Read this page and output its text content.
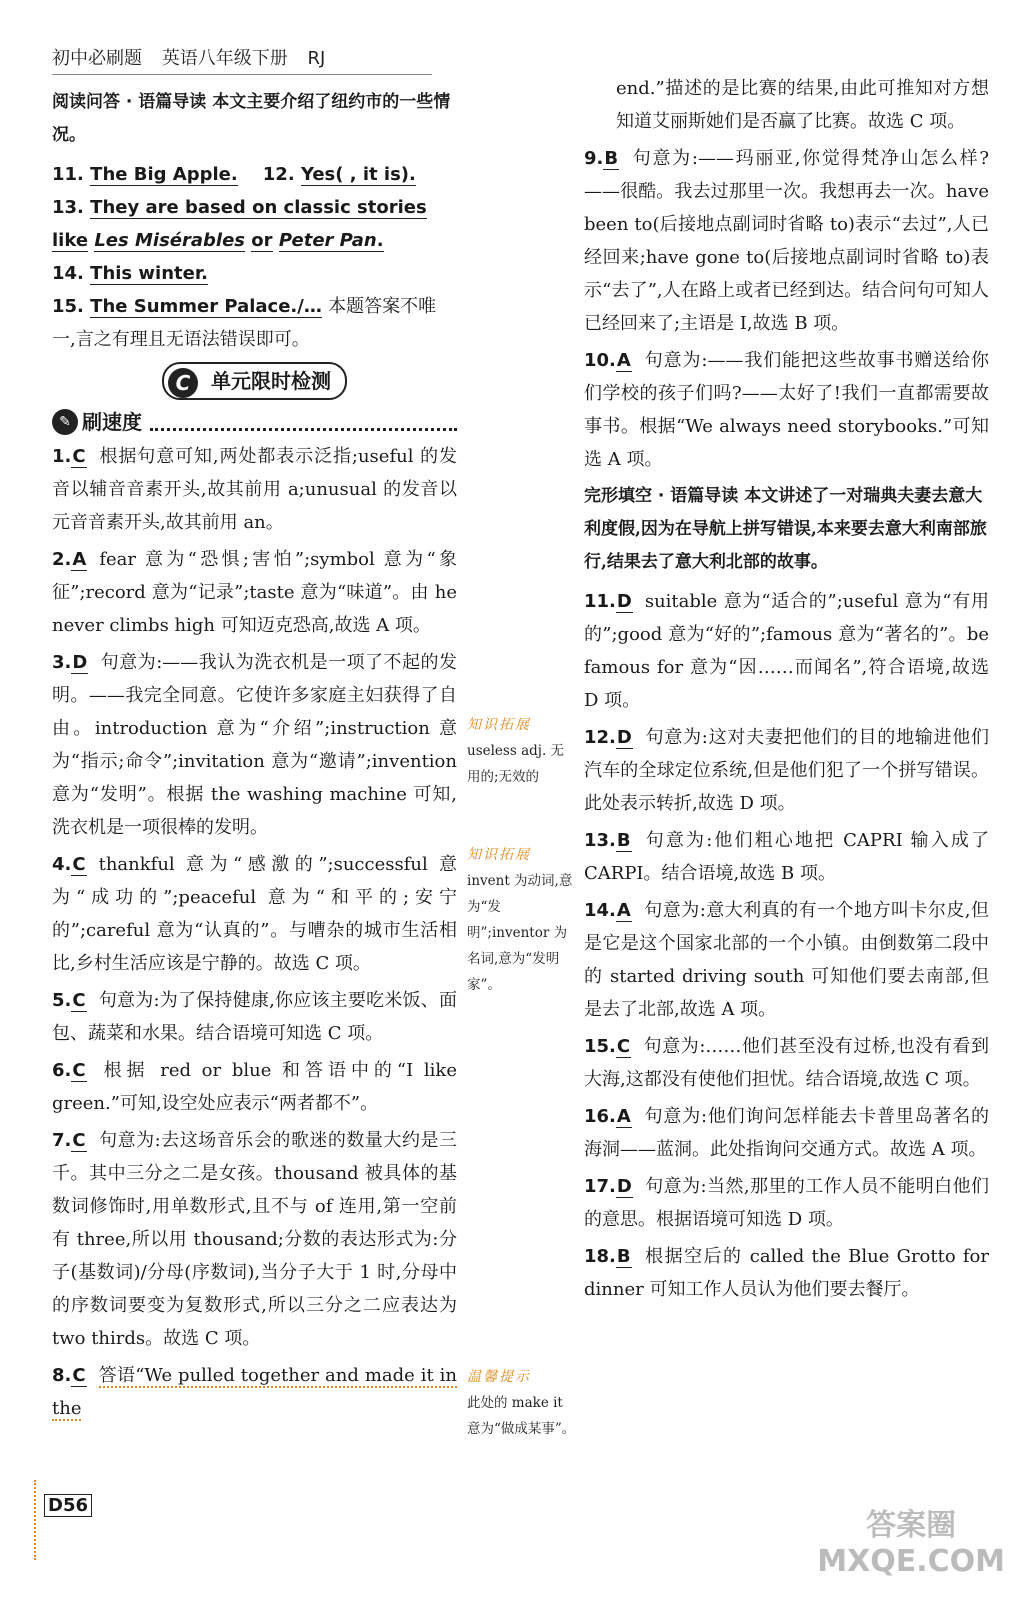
初中必刷题 英语八年级下册 RJ
阅读问答 · 语篇导读 本文主要介绍了纽约市的一些情况。
11. The Big Apple. 12. Yes( , it is).
13. They are based on classic stories like Les Misérables or Peter Pan.
14. This winter.
15. The Summer Palace./… 本题答案不唯一,言之有理且无语法错误即可。
C 单元限时检测
✎ 刷速度
1.C 根据句意可知,两处都表示泛指;useful 的发音以辅音音素开头,故其前用 a;unusual 的发音以元音音素开头,故其前用 an。
2.A fear 意为“恐惧;害怕”;symbol 意为“象征”;record 意为“记录”;taste 意为“味道”。由 he never climbs high 可知迈克恐高,故选 A 项。
3.D 句意为:——我认为洗衣机是一项了不起的发明。——我完全同意。它使许多家庭主妇获得了自由。introduction 意为“介绍”;instruction 意为“指示;命令”;invitation 意为“邀请”;invention 意为“发明”。根据 the washing machine 可知,洗衣机是一项很棒的发明。
4.C thankful 意为“感激的”;successful 意为“成功的”;peaceful 意为“和平的;安宁的”;careful 意为“认真的”。与嘈杂的城市生活相比,乡村生活应该是宁静的。故选 C 项。
5.C 句意为:为了保持健康,你应该主要吃米饭、面包、蔬菜和水果。结合语境可知选 C 项。
6.C 根据 red or blue 和答语中的“I like green.”可知,设空处应表示“两者都不”。
7.C 句意为:去这场音乐会的歌迷的数量大约是三千。其中三分之二是女孩。thousand 被具体的基数词修饰时,用单数形式,且不与 of 连用,第一空前有 three,所以用 thousand;分数的表达形式为:分子(基数词)/分母(序数词),当分子大于 1 时,分母中的序数词要变为复数形式,所以三分之二应表达为 two thirds。故选 C 项。
8.C 答语“We pulled together and made it in the
知识拓展
useless adj. 无用的;无效的
知识拓展
invent 为动词,意为“发明”;inventor 为名词,意为“发明家”。
温馨提示
此处的 make it 意为“做成某事”。
end.”描述的是比赛的结果,由此可推知对方想知道艾丽斯她们是否赢了比赛。故选 C 项。
9.B 句意为:——玛丽亚,你觉得梵净山怎么样?——很酷。我去过那里一次。我想再去一次。have been to(后接地点副词时省略 to)表示“去过”,人已经回来;have gone to(后接地点副词时省略 to)表示“去了”,人在路上或者已经到达。结合问句可知人已经回来了;主语是 I,故选 B 项。
10.A 句意为:——我们能把这些故事书赠送给你们学校的孩子们吗?——太好了!我们一直都需要故事书。根据“We always need storybooks.”可知选 A 项。
完形填空 · 语篇导读 本文讲述了一对瑞典夫妻去意大利度假,因为在导航上拼写错误,本来要去意大利南部旅行,结果去了意大利北部的故事。
11.D suitable 意为“适合的”;useful 意为“有用的”;good 意为“好的”;famous 意为“著名的”。be famous for 意为“因……而闻名”,符合语境,故选 D 项。
12.D 句意为:这对夫妻把他们的目的地输进他们汽车的全球定位系统,但是他们犯了一个拼写错误。此处表示转折,故选 D 项。
13.B 句意为:他们粗心地把 CAPRI 输入成了 CARPI。结合语境,故选 B 项。
14.A 句意为:意大利真的有一个地方叫卡尔皮,但是它是这个国家北部的一个小镇。由倒数第二段中的 started driving south 可知他们要去南部,但是去了北部,故选 A 项。
15.C 句意为:……他们甚至没有过桥,也没有看到大海,这都没有使他们担忧。结合语境,故选 C 项。
16.A 句意为:他们询问怎样能去卡普里岛著名的海洞——蓝洞。此处指询问交通方式。故选 A 项。
17.D 句意为:当然,那里的工作人员不能明白他们的意思。根据语境可知选 D 项。
18.B 根据空后的 called the Blue Grotto for dinner 可知工作人员认为他们要去餐厅。
D56
答案圈
MXQE.COM
